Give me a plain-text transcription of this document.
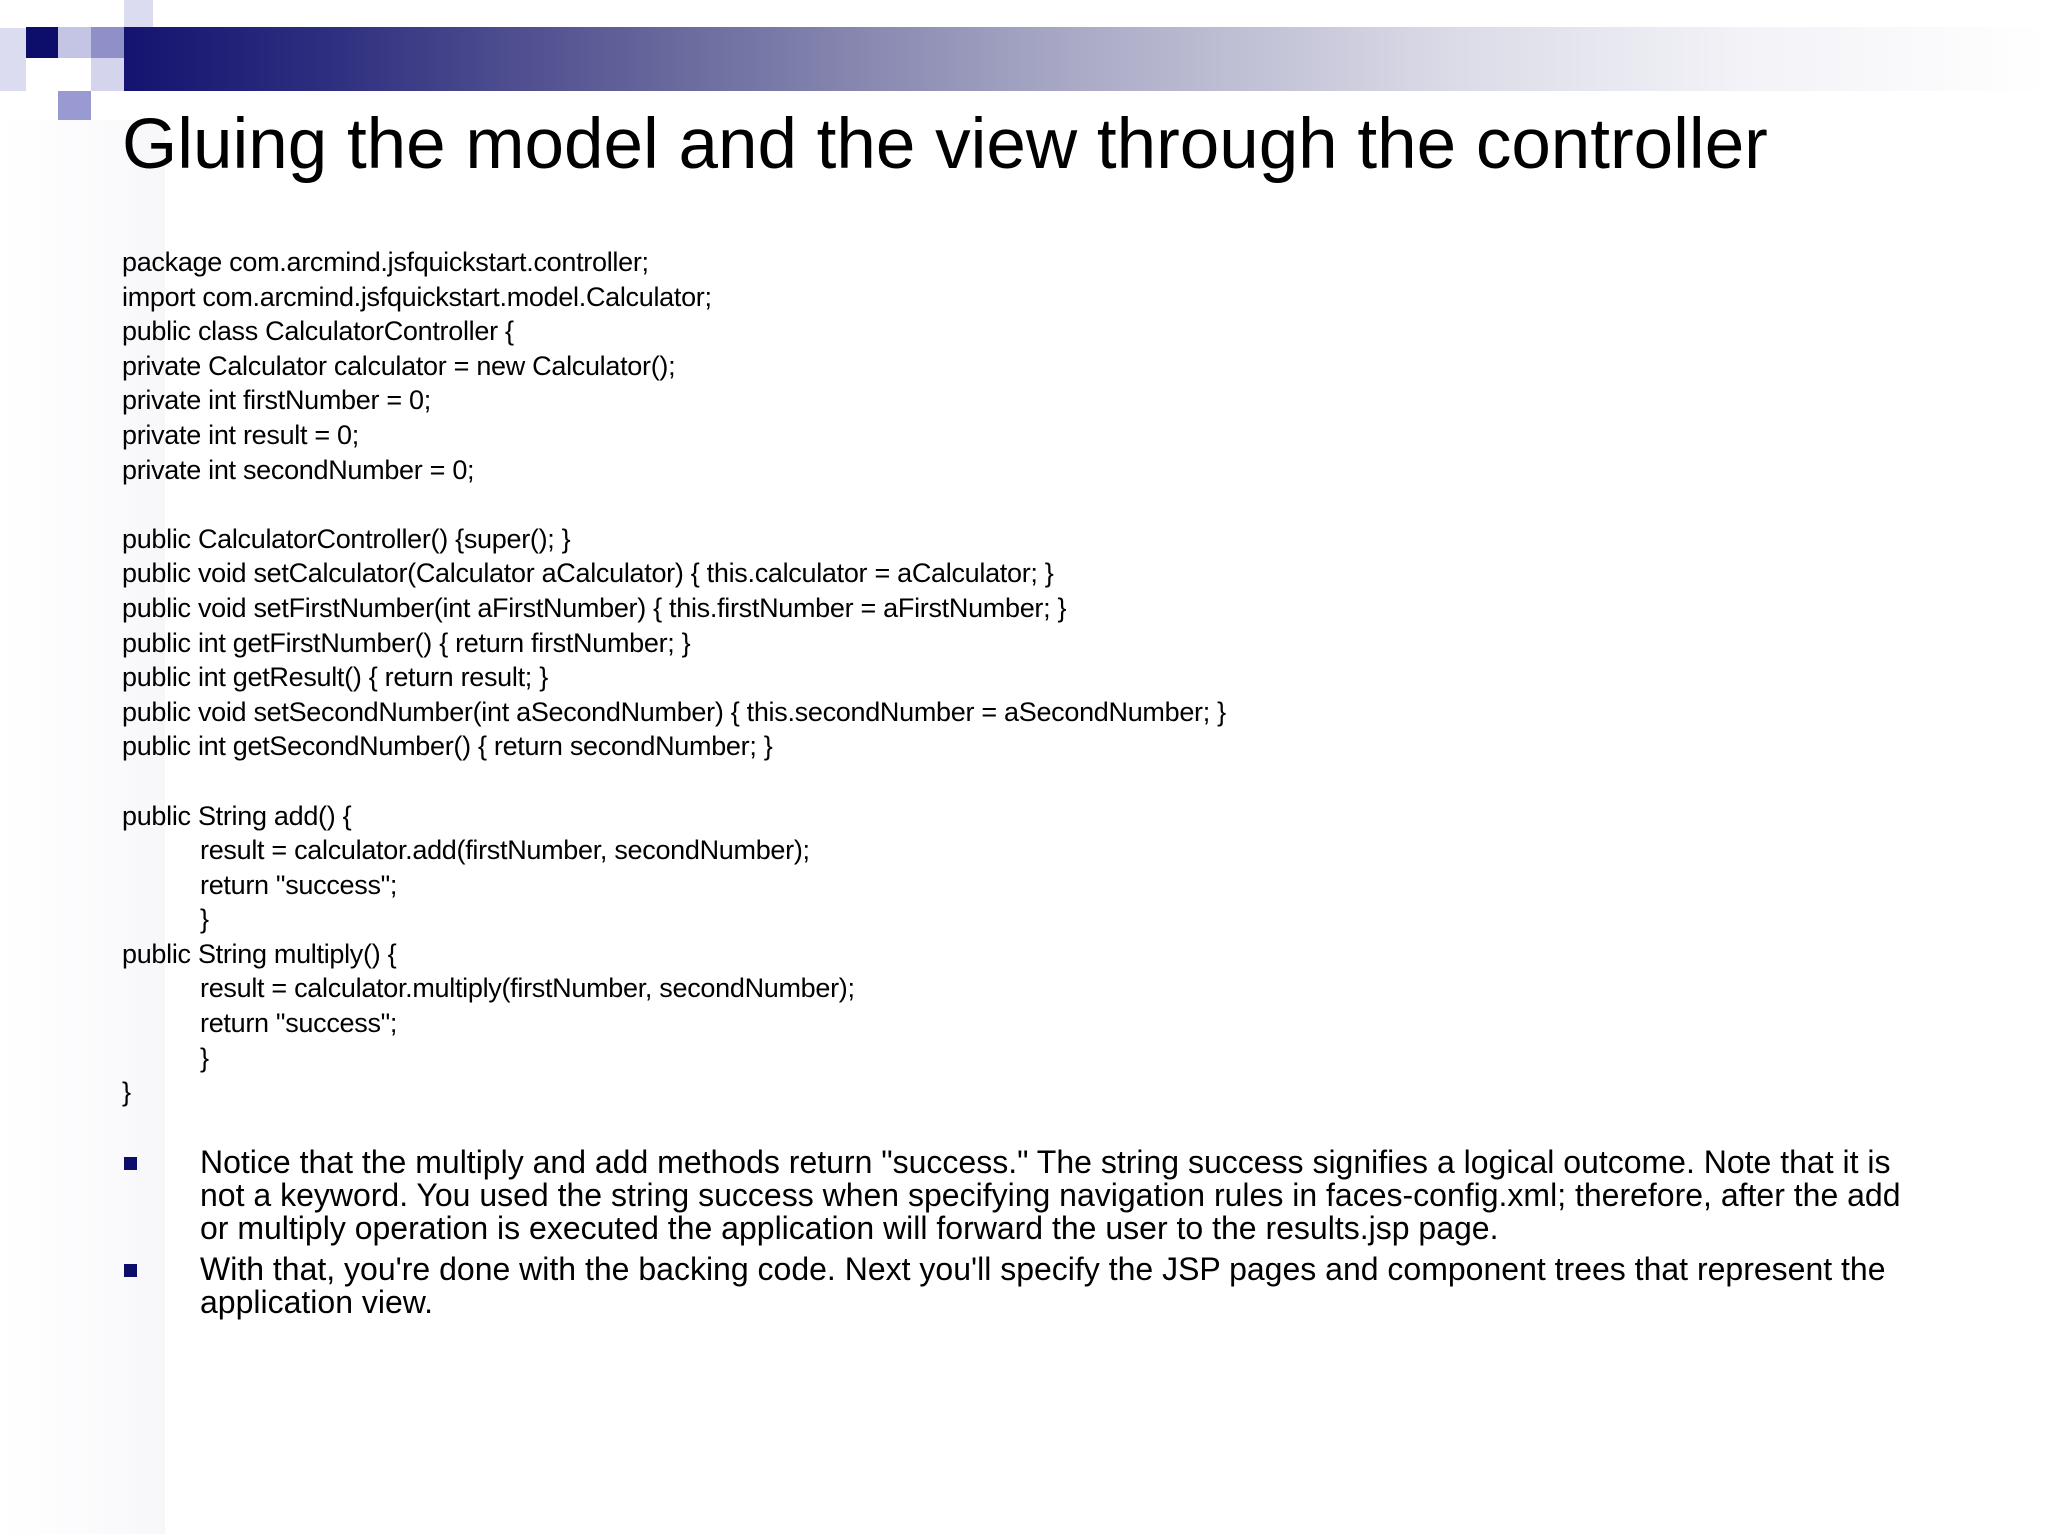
Gluing the model and the view through the controller
package com.arcmind.jsfquickstart.controller;
import com.arcmind.jsfquickstart.model.Calculator;
public class CalculatorController {
private Calculator calculator = new Calculator();
private int firstNumber = 0;
private int result = 0;
private int secondNumber = 0;
public CalculatorController() {super(); }
public void setCalculator(Calculator aCalculator) { this.calculator = aCalculator; }
public void setFirstNumber(int aFirstNumber) { this.firstNumber = aFirstNumber; }
public int getFirstNumber() { return firstNumber; }
public int getResult() { return result; }
public void setSecondNumber(int aSecondNumber) { this.secondNumber = aSecondNumber; }
public int getSecondNumber() { return secondNumber; }
public String add() {
result = calculator.add(firstNumber, secondNumber);
return "success";
}
public String multiply() {
result = calculator.multiply(firstNumber, secondNumber);
return "success";
}
}
Notice that the multiply and add methods return "success." The string success signifies a logical outcome. Note that it is not a keyword. You used the string success when specifying navigation rules in faces-config.xml; therefore, after the add or multiply operation is executed the application will forward the user to the results.jsp page.
With that, you're done with the backing code. Next you'll specify the JSP pages and component trees that represent the application view.
